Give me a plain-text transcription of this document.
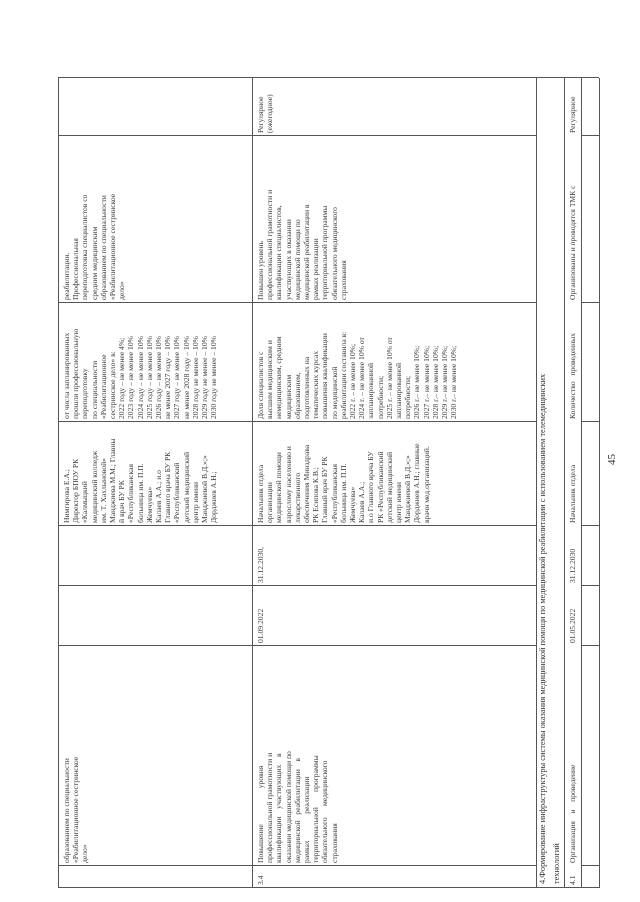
образованием по специальности «Реабилитационное сестринское дело»
Нимгирова Е.А.; Директор БПОУ РК «Калмыцкий медицинский колледж им. Т. Хахлыновой» Манджиева М.М.; Главны й врач БУ РК «Республиканская больница им. П.П. Жемчуева» Калаев А.А.; и.о Главного врача БУ РК «Республиканский детский медицинский центр имени Манджиевой В.Д.»;» Дорджиев А.Н.;
от числа запланированных прошли профессиональную переподготовку по специальности «Реабилитационное сестринское дело» в: 2022 году – не менее 4%; 2023 году – не менее 10% 2024 году – не менее 10% 2025 году – не менее 10% 2026 году – не менее 10% не менее 2027 году – 10% 2027 году – не менее 10% не менее 2028 году – 10% 2028 году не менее – 10% 2029 году не менее – 10% 2030 году не менее – 10%
реабилитации. Профессиональная переподготовка специалистов со средним медицинским образованием по специальности «Реабилитационное сестринское дело»
3.4
Повышение                   уровня профессиональной грамотности и квалификации    участвующих    в оказании медицинской помощи по медицинской   реабилитации    в рамках              реализации территориальной        программы обязательного      медицинского страхования
01.09.2022
31.12.2030,
Начальник отдела организации медицинской помощи взрослому населению и лекарственного обеспечения Минздрава РК Есипова К.В.; Главный врач БУ РК «Республиканская больница им. П.П. Жемчуева» Калаев А.А.; и.о Главного врача БУ РК «Республиканский детский медицинский центр имени Манджиевой В.Д.»;» Дорджиев А.Н.; главные врачи мед.организаций.
Доля специалистов с высшим медицинским и немедицинским, средним медицинским образованием, подготовленных на тематических курсах повышения квалификации по медицинской реабилитации составила в: 2022 г. – не менее 10%; 2024 г. – не менее 10% от запланированной потребности; 2025 г. – не менее 10% от запланированной потребности; 2026 г.– не менее 10%; 2027 г.– не менее 10%; 2028 г.– не менее 10%; 2029 г.– не менее 10%; 2030 г.– не менее 10%;
Повышен уровень профессиональной грамотности и квалификации специалистов, участвующих в оказании медицинской помощи по медицинской реабилитации в рамках реализации территориальной программы обязательного медицинского страхования
Регулярное (ежегодное)
4.Формирование инфраструктуры системы оказания медицинской помощи по медицинской реабилитации с использованием телемедицинских технологий 4.1
Организация    и    проведение
01.05.2022
31.12.2030
Начальник отдела
Количество   проведенных
Организованы и проводятся ТМК с
Регулярное
45
